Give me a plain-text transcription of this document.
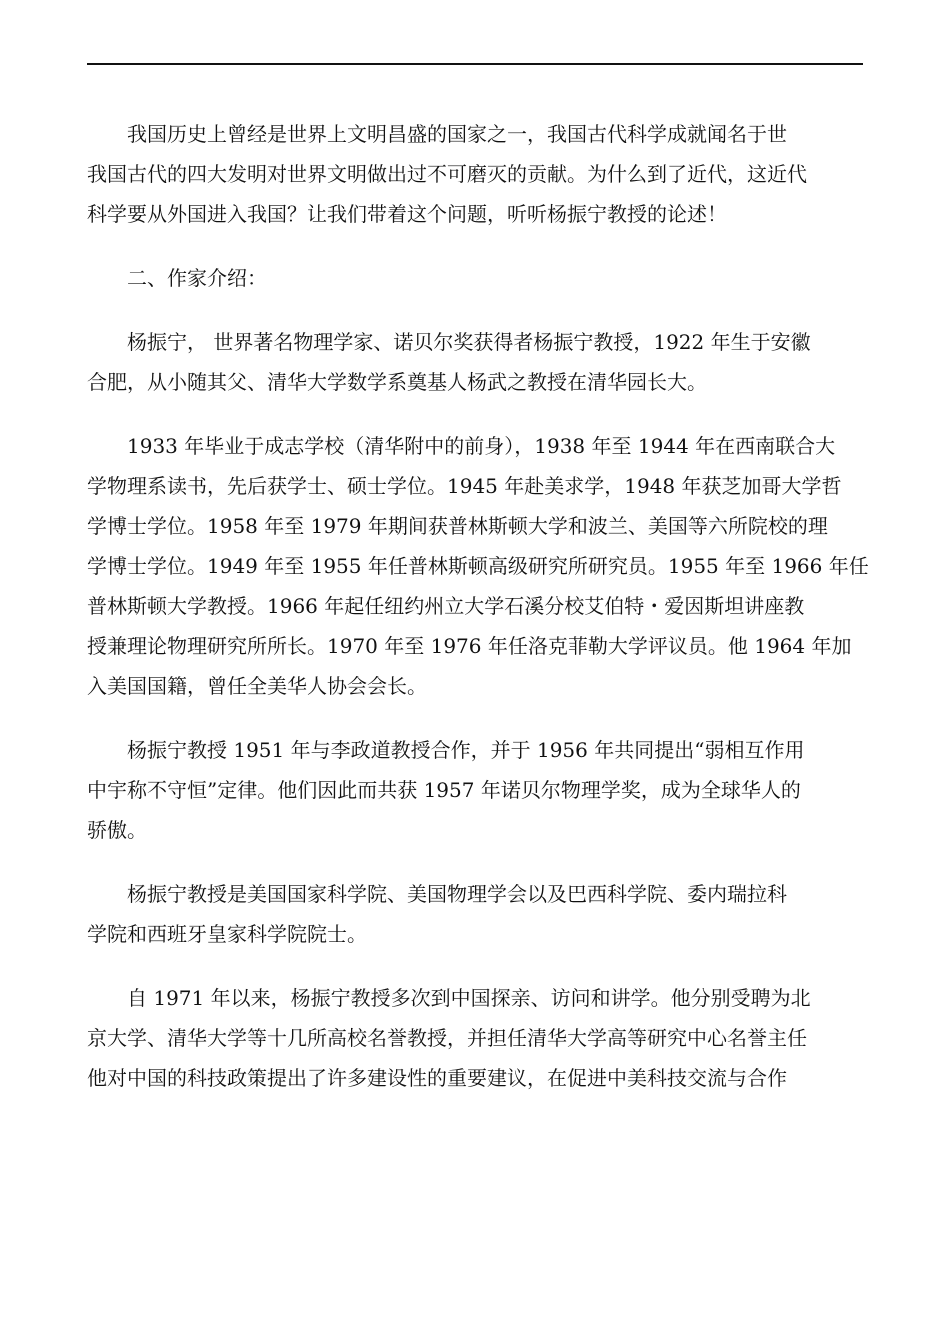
　　我国历史上曾经是世界上文明昌盛的国家之一，我国古代科学成就闻名于世
我国古代的四大发明对世界文明做出过不可磨灭的贡献。为什么到了近代，这近代
科学要从外国进入我国？让我们带着这个问题，听听杨振宁教授的论述！

　　二、作家介绍：

　　杨振宁， 世界著名物理学家、诺贝尔奖获得者杨振宁教授，1922 年生于安徽
合肥，从小随其父、清华大学数学系奠基人杨武之教授在清华园长大。

　　1933 年毕业于成志学校（清华附中的前身），1938 年至 1944 年在西南联合大
学物理系读书，先后获学士、硕士学位。1945 年赴美求学，1948 年获芝加哥大学哲
学博士学位。1958 年至 1979 年期间获普林斯顿大学和波兰、美国等六所院校的理
学博士学位。1949 年至 1955 年任普林斯顿高级研究所研究员。1955 年至 1966 年任
普林斯顿大学教授。1966 年起任纽约州立大学石溪分校艾伯特・爱因斯坦讲座教
授兼理论物理研究所所长。1970 年至 1976 年任洛克菲勒大学评议员。他 1964 年加
入美国国籍，曾任全美华人协会会长。

　　杨振宁教授 1951 年与李政道教授合作，并于 1956 年共同提出“弱相互作用
中宇称不守恒”定律。他们因此而共获 1957 年诺贝尔物理学奖，成为全球华人的
骄傲。

　　杨振宁教授是美国国家科学院、美国物理学会以及巴西科学院、委内瑞拉科
学院和西班牙皇家科学院院士。

　　自 1971 年以来，杨振宁教授多次到中国探亲、访问和讲学。他分别受聘为北
京大学、清华大学等十几所高校名誉教授，并担任清华大学高等研究中心名誉主任
他对中国的科技政策提出了许多建设性的重要建议，在促进中美科技交流与合作
